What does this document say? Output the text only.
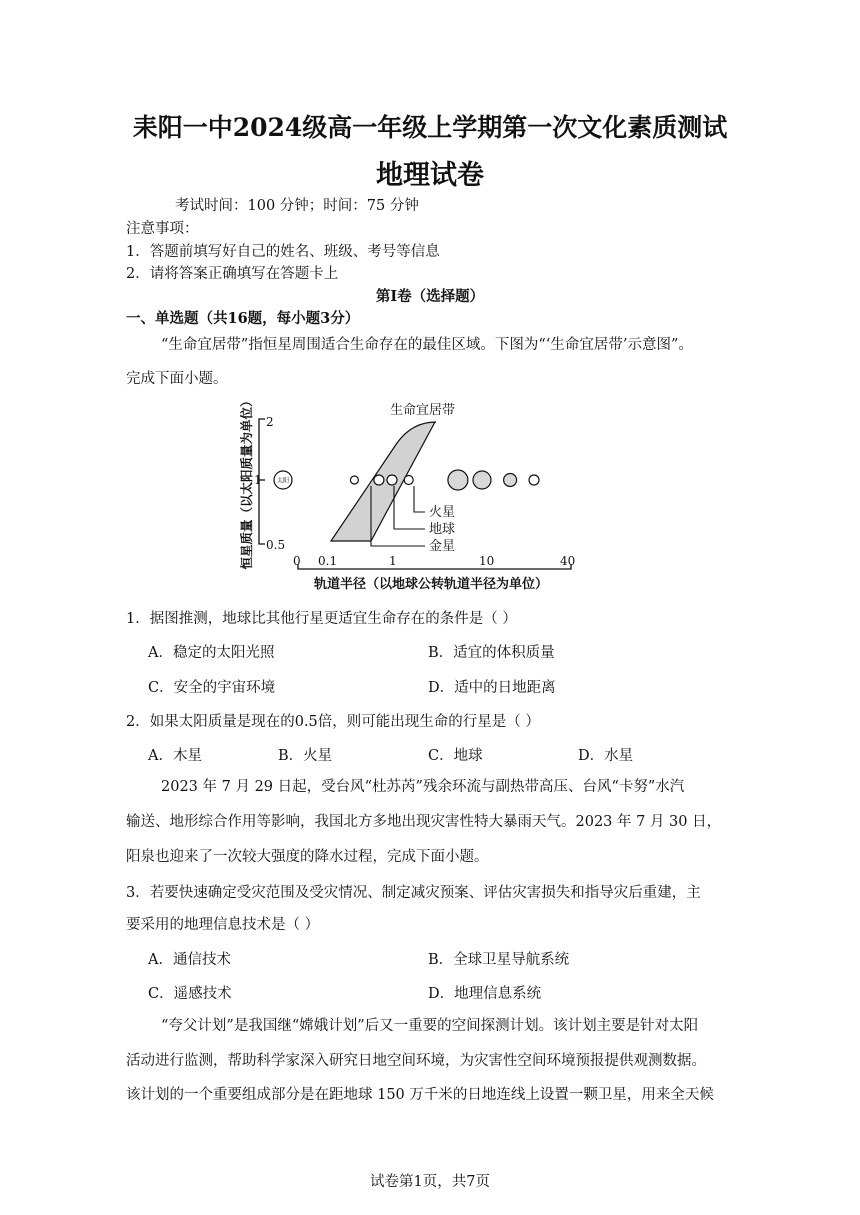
耒阳一中2024级高一年级上学期第一次文化素质测试
地理试卷
考试时间：100 分钟；时间：75 分钟
注意事项：
1．答题前填写好自己的姓名、班级、考号等信息
2．请将答案正确填写在答题卡上
第Ⅰ卷（选择题）
一、单选题（共16题，每小题3分）
“生命宜居带”指恒星周围适合生命存在的最佳区域。下图为“‘生命宜居带’示意图”。
完成下面小题。
恒星质量（以太阳质量为单位） 2
1
0.5
太阳
生命宜居带
火星
地球
金星
0 0.1	1	10	40
轨道半径（以地球公转轨道半径为单位）
1．据图推测，地球比其他行星更适宜生命存在的条件是（ ）
A．稳定的太阳光照	B．适宜的体积质量
C．安全的宇宙环境	D．适中的日地距离
2．如果太阳质量是现在的0.5倍，则可能出现生命的行星是（ ）
A．木星	B．火星	C．地球	D．水星
2023 年 7 月 29 日起，受台风“杜苏芮”残余环流与副热带高压、台风“卡努”水汽
输送、地形综合作用等影响，我国北方多地出现灾害性特大暴雨天气。2023 年 7 月 30 日，
阳泉也迎来了一次较大强度的降水过程，完成下面小题。
3．若要快速确定受灾范围及受灾情况、制定减灾预案、评估灾害损失和指导灾后重建，主
要采用的地理信息技术是（ ）
A．通信技术	B．全球卫星导航系统
C．遥感技术	D．地理信息系统
“夸父计划”是我国继“嫦娥计划”后又一重要的空间探测计划。该计划主要是针对太阳
活动进行监测，帮助科学家深入研究日地空间环境，为灾害性空间环境预报提供观测数据。
该计划的一个重要组成部分是在距地球 150 万千米的日地连线上设置一颗卫星，用来全天候
试卷第1页，共7页
